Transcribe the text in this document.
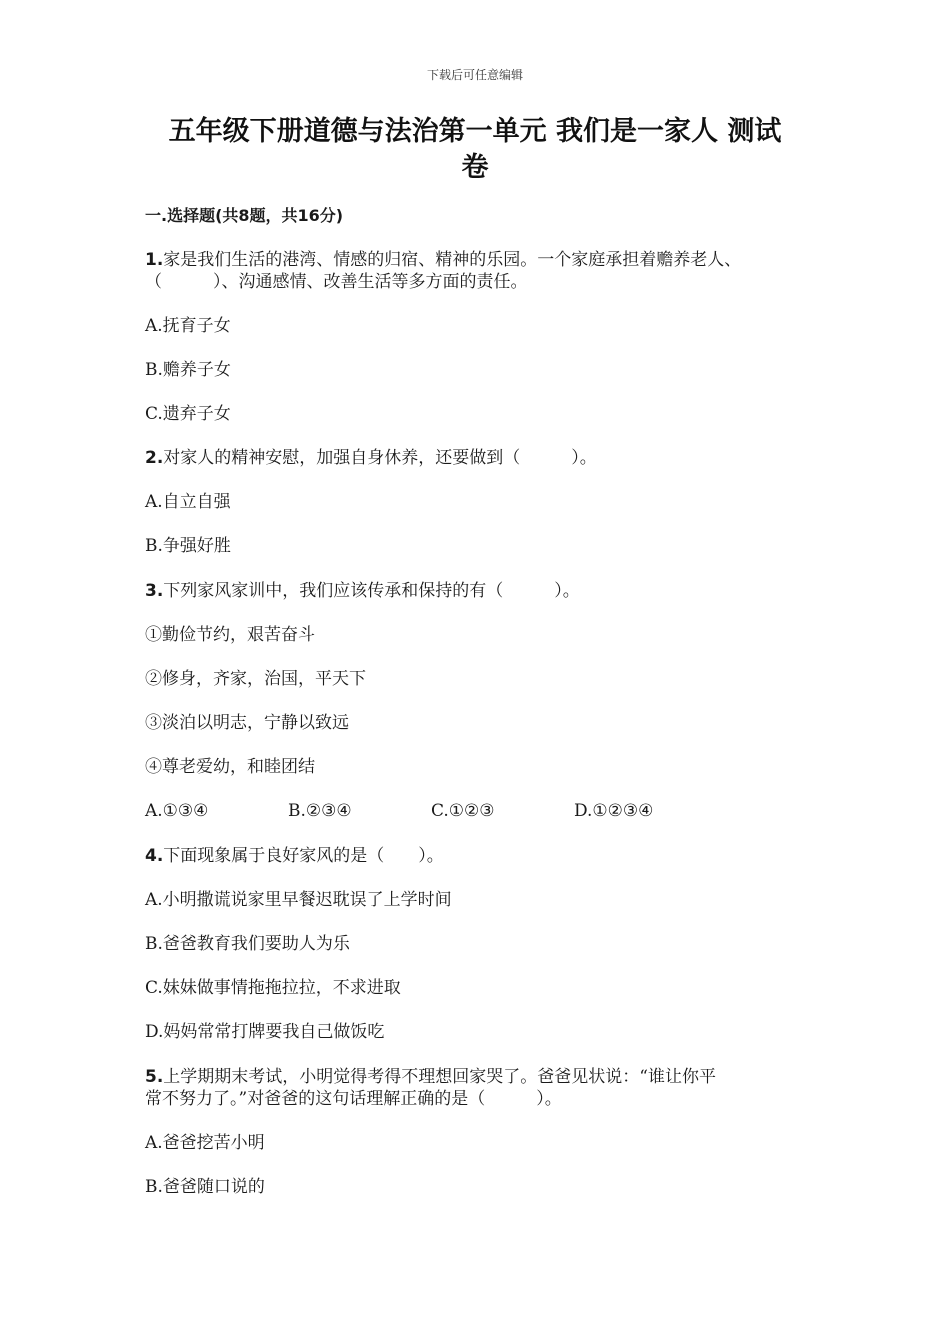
下载后可任意编辑
五年级下册道德与法治第一单元 我们是一家人 测试
卷
一.选择题(共8题，共16分)
1.家是我们生活的港湾、情感的归宿、精神的乐园。一个家庭承担着赡养老人、
（　　　）、沟通感情、改善生活等多方面的责任。
A.抚育子女
B.赡养子女
C.遗弃子女
2.对家人的精神安慰，加强自身休养，还要做到（　　　）。
A.自立自强
B.争强好胜
3.下列家风家训中，我们应该传承和保持的有（　　　）。
①勤俭节约，艰苦奋斗
②修身，齐家，治国，平天下
③淡泊以明志，宁静以致远
④尊老爱幼，和睦团结
A.①③④	B.②③④	C.①②③	D.①②③④
4.下面现象属于良好家风的是（　　）。
A.小明撒谎说家里早餐迟耽误了上学时间
B.爸爸教育我们要助人为乐
C.妹妹做事情拖拖拉拉，不求进取
D.妈妈常常打牌要我自己做饭吃
5.上学期期末考试，小明觉得考得不理想回家哭了。爸爸见状说：“谁让你平
常不努力了。”对爸爸的这句话理解正确的是（　　　）。
A.爸爸挖苦小明
B.爸爸随口说的
